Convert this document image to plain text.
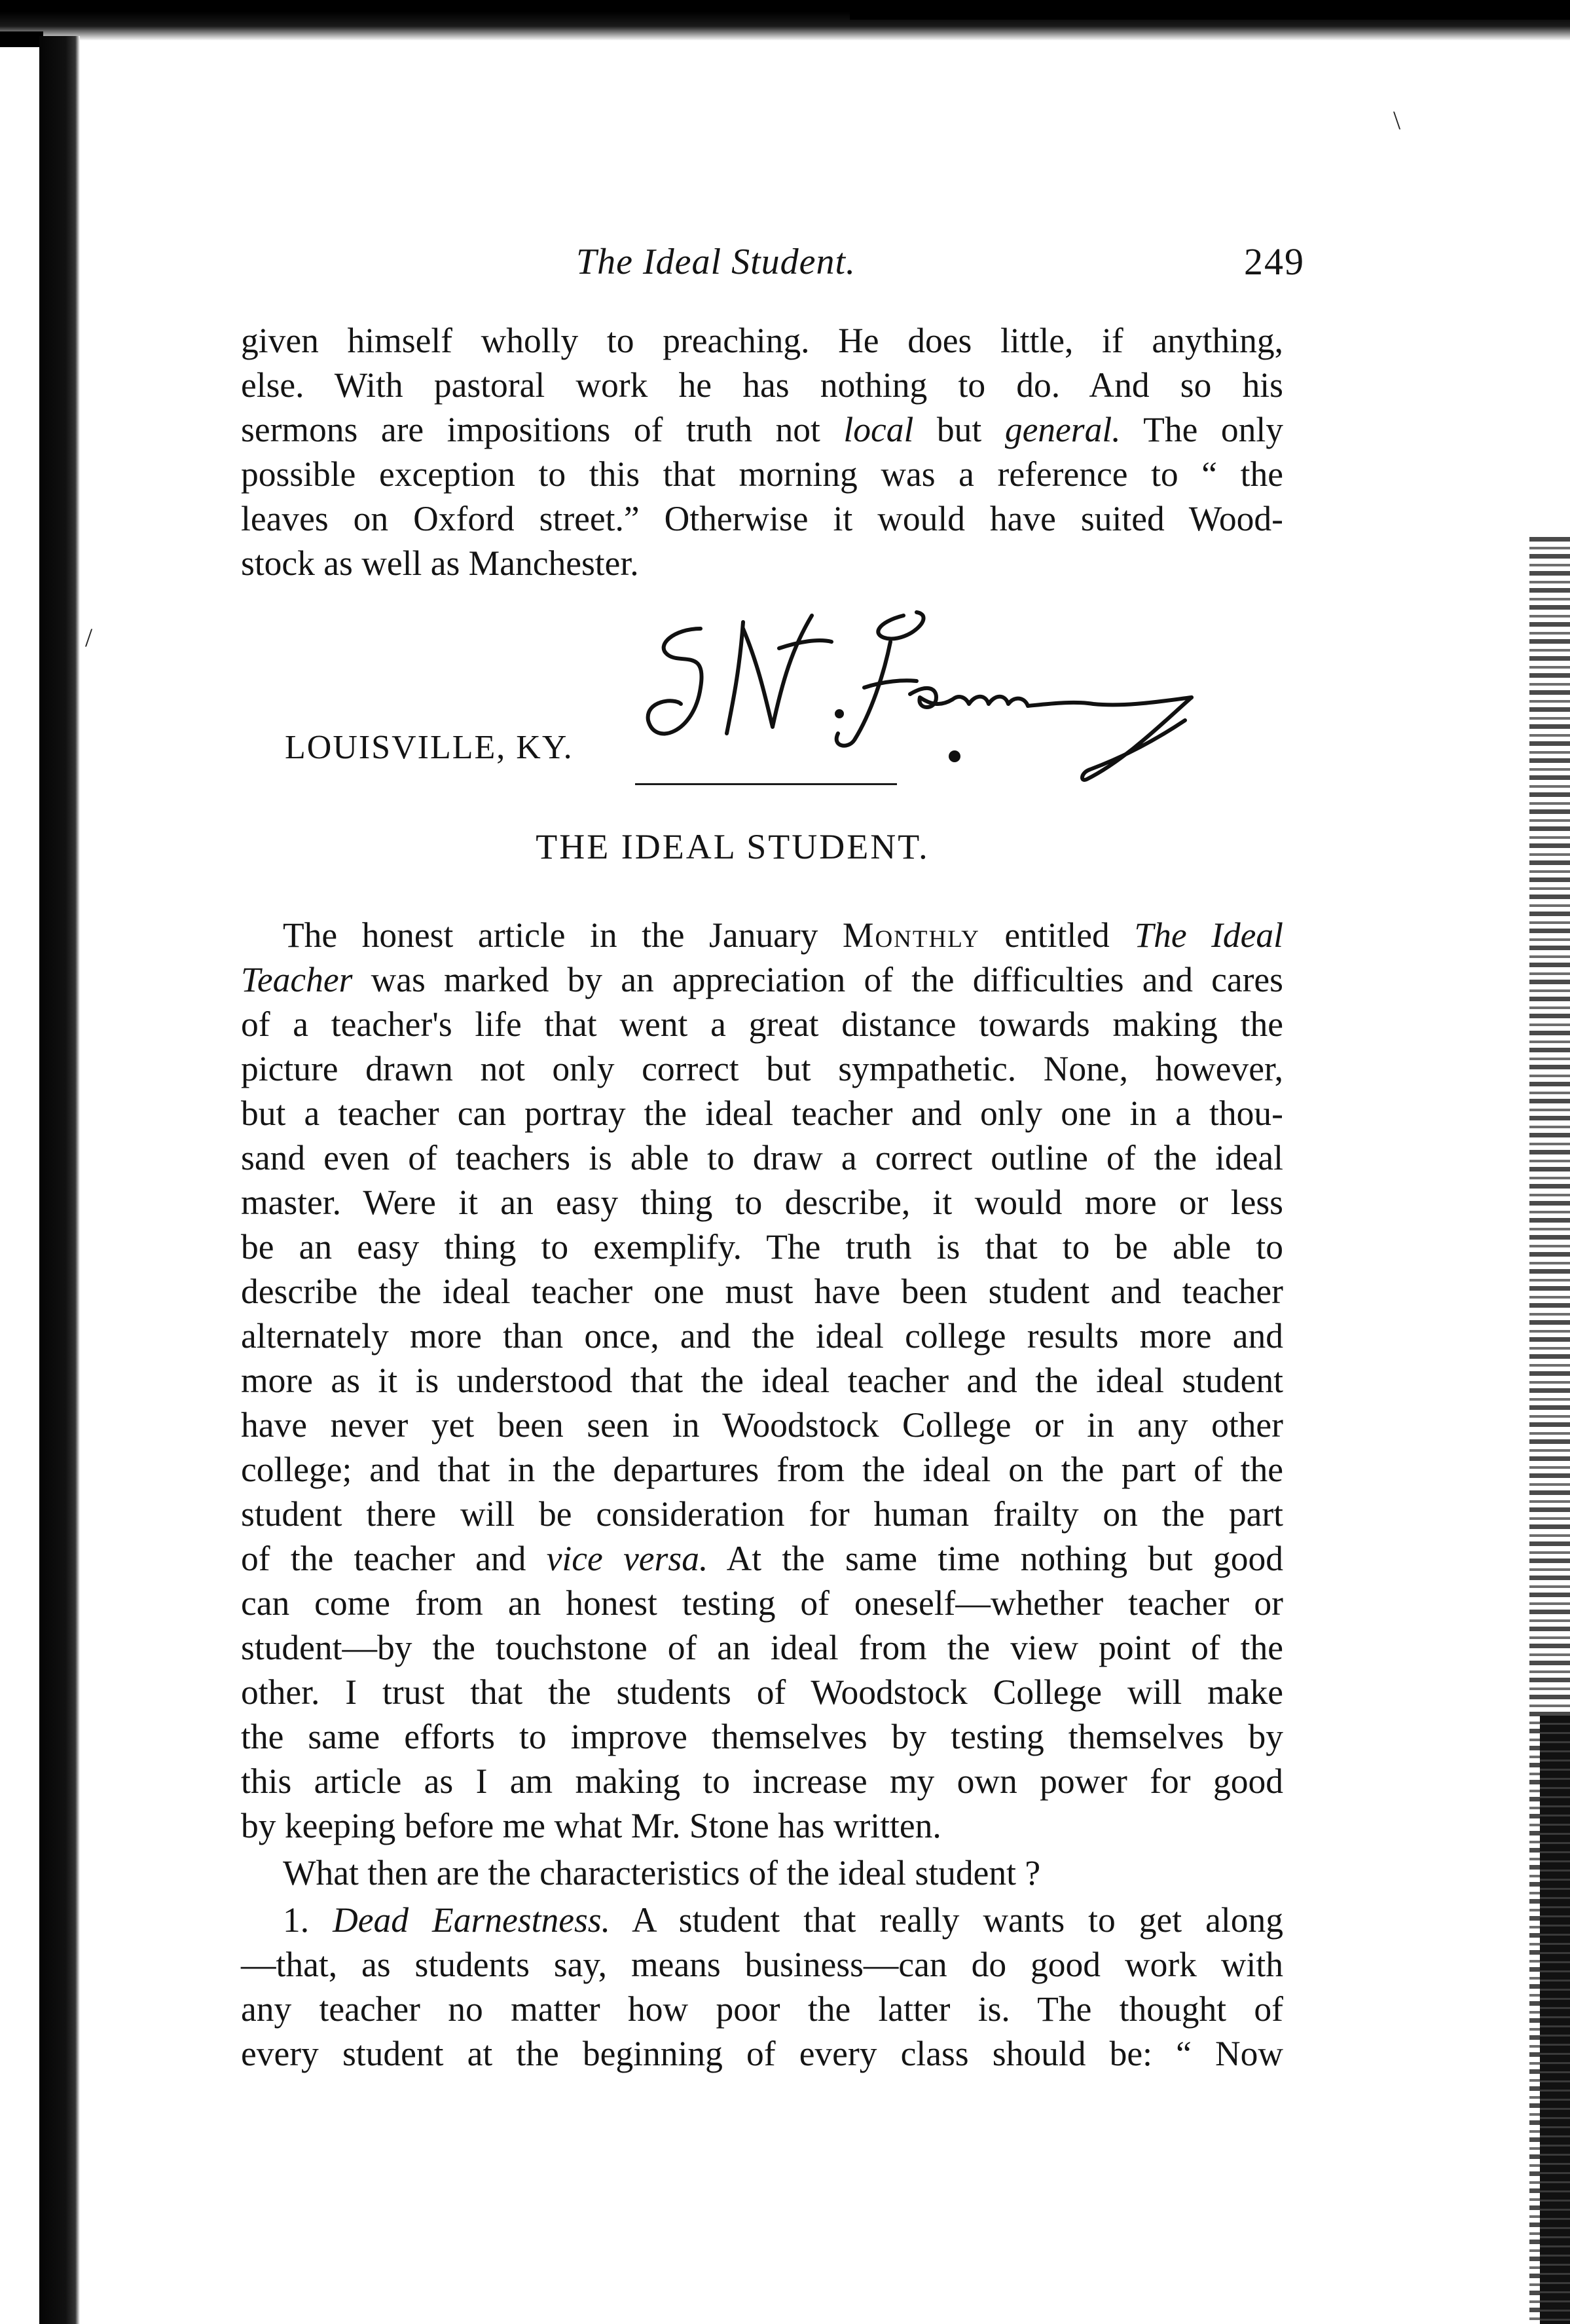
\
/
The Ideal Student.	249
given himself wholly to preaching. He does little, if anything,
else. With pastoral work he has nothing to do. And so his
sermons are impositions of truth not local but general. The only
possible exception to this that morning was a reference to “ the
leaves on Oxford street.” Otherwise it would have suited Wood-
stock as well as Manchester.
LOUISVILLE, KY.
THE IDEAL STUDENT.
The honest article in the January Monthly entitled The Ideal
Teacher was marked by an appreciation of the difficulties and cares
of a teacher's life that went a great distance towards making the
picture drawn not only correct but sympathetic. None, however,
but a teacher can portray the ideal teacher and only one in a thou-
sand even of teachers is able to draw a correct outline of the ideal
master. Were it an easy thing to describe, it would more or less
be an easy thing to exemplify. The truth is that to be able to
describe the ideal teacher one must have been student and teacher
alternately more than once, and the ideal college results more and
more as it is understood that the ideal teacher and the ideal student
have never yet been seen in Woodstock College or in any other
college; and that in the departures from the ideal on the part of the
student there will be consideration for human frailty on the part
of the teacher and vice versa. At the same time nothing but good
can come from an honest testing of oneself—whether teacher or
student—by the touchstone of an ideal from the view point of the
other. I trust that the students of Woodstock College will make
the same efforts to improve themselves by testing themselves by
this article as I am making to increase my own power for good
by keeping before me what Mr. Stone has written.
What then are the characteristics of the ideal student ?
1. Dead Earnestness. A student that really wants to get along
—that, as students say, means business—can do good work with
any teacher no matter how poor the latter is. The thought of
every student at the beginning of every class should be: “ Now
